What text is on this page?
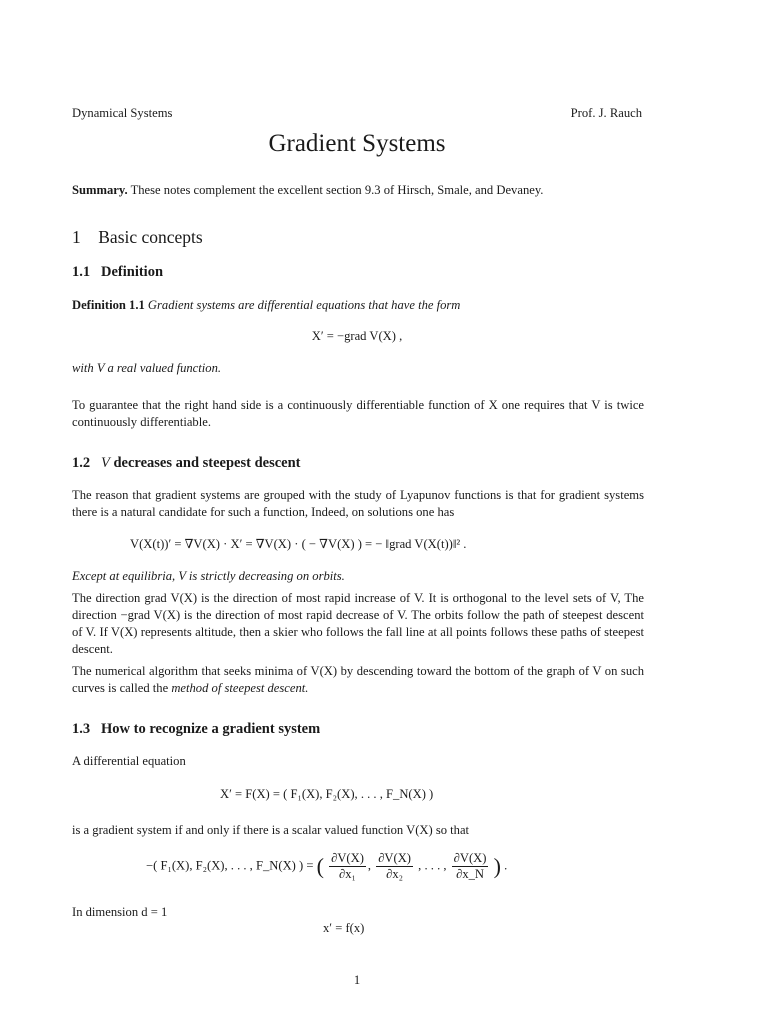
Dynamical Systems	Prof. J. Rauch
Gradient Systems
Summary. These notes complement the excellent section 9.3 of Hirsch, Smale, and Devaney.
1 Basic concepts
1.1 Definition
Definition 1.1 Gradient systems are differential equations that have the form
X′ = −grad V(X) ,
with V a real valued function.
To guarantee that the right hand side is a continuously differentiable function of X one requires that V is twice continuously differentiable.
1.2 V decreases and steepest descent
The reason that gradient systems are grouped with the study of Lyapunov functions is that for gradient systems there is a natural candidate for such a function, Indeed, on solutions one has
V(X(t))′ = ∇V(X) · X′ = ∇V(X) · ( − ∇V(X) ) = − ‖grad V(X(t))‖² .
Except at equilibria, V is strictly decreasing on orbits.
The direction grad V(X) is the direction of most rapid increase of V. It is orthogonal to the level sets of V, The direction −grad V(X) is the direction of most rapid decrease of V. The orbits follow the path of steepest descent of V. If V(X) represents altitude, then a skier who follows the fall line at all points follows these paths of steepest descent.
The numerical algorithm that seeks minima of V(X) by descending toward the bottom of the graph of V on such curves is called the method of steepest descent.
1.3 How to recognize a gradient system
A differential equation
X′ = F(X) = ( F₁(X), F₂(X), . . . , F_N(X) )
is a gradient system if and only if there is a scalar valued function V(X) so that
−( F₁(X), F₂(X), . . . , F_N(X) ) = ( $\frac{\partial V(X)}{\text{∂x₁}}$ , $\frac{\partial V(X)}{\text{∂x₂}}$ , . . . , $\frac{\partial V(X)}{\partial x\_N}$ ) .
In dimension d = 1
x′ = f(x)
1
